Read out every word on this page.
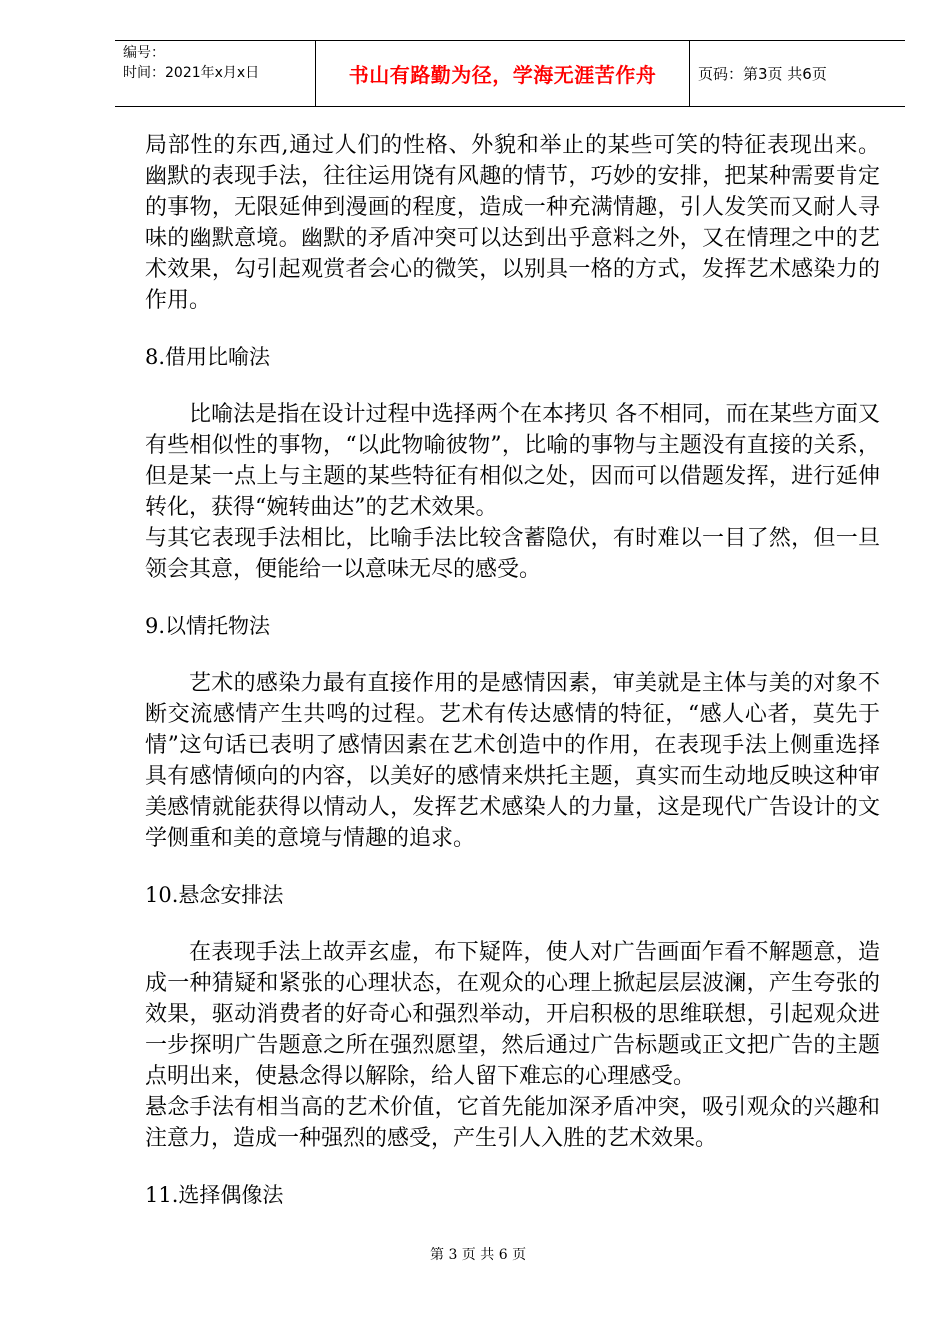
编号：
时间：2021年x月x日	书山有路勤为径，学海无涯苦作舟	页码：第3页 共6页

局部性的东西,通过人们的性格、外貌和举止的某些可笑的特征表现出来。 幽默的表现手法，往往运用饶有风趣的情节，巧妙的安排，把某种需要肯定的事物，无限延伸到漫画的程度，造成一种充满情趣，引人发笑而又耐人寻味的幽默意境。幽默的矛盾冲突可以达到出乎意料之外，又在情理之中的艺术效果，勾引起观赏者会心的微笑，以别具一格的方式，发挥艺术感染力的作用。

8.借用比喻法

比喻法是指在设计过程中选择两个在本拷贝 各不相同，而在某些方面又有些相似性的事物，“以此物喻彼物”，比喻的事物与主题没有直接的关系，但是某一点上与主题的某些特征有相似之处，因而可以借题发挥，进行延伸转化，获得“婉转曲达”的艺术效果。

与其它表现手法相比，比喻手法比较含蓄隐伏，有时难以一目了然，但一旦领会其意，便能给一以意味无尽的感受。

9.以情托物法

艺术的感染力最有直接作用的是感情因素，审美就是主体与美的对象不断交流感情产生共鸣的过程。艺术有传达感情的特征，“感人心者，莫先于情”这句话已表明了感情因素在艺术创造中的作用，在表现手法上侧重选择具有感情倾向的内容，以美好的感情来烘托主题，真实而生动地反映这种审美感情就能获得以情动人，发挥艺术感染人的力量，这是现代广告设计的文学侧重和美的意境与情趣的追求。

10.悬念安排法

在表现手法上故弄玄虚，布下疑阵，使人对广告画面乍看不解题意，造成一种猜疑和紧张的心理状态，在观众的心理上掀起层层波澜，产生夸张的效果，驱动消费者的好奇心和强烈举动，开启积极的思维联想，引起观众进一步探明广告题意之所在强烈愿望，然后通过广告标题或正文把广告的主题点明出来，使悬念得以解除，给人留下难忘的心理感受。

悬念手法有相当高的艺术价值，它首先能加深矛盾冲突，吸引观众的兴趣和注意力，造成一种强烈的感受，产生引人入胜的艺术效果。

11.选择偶像法

第 3 页 共 6 页
